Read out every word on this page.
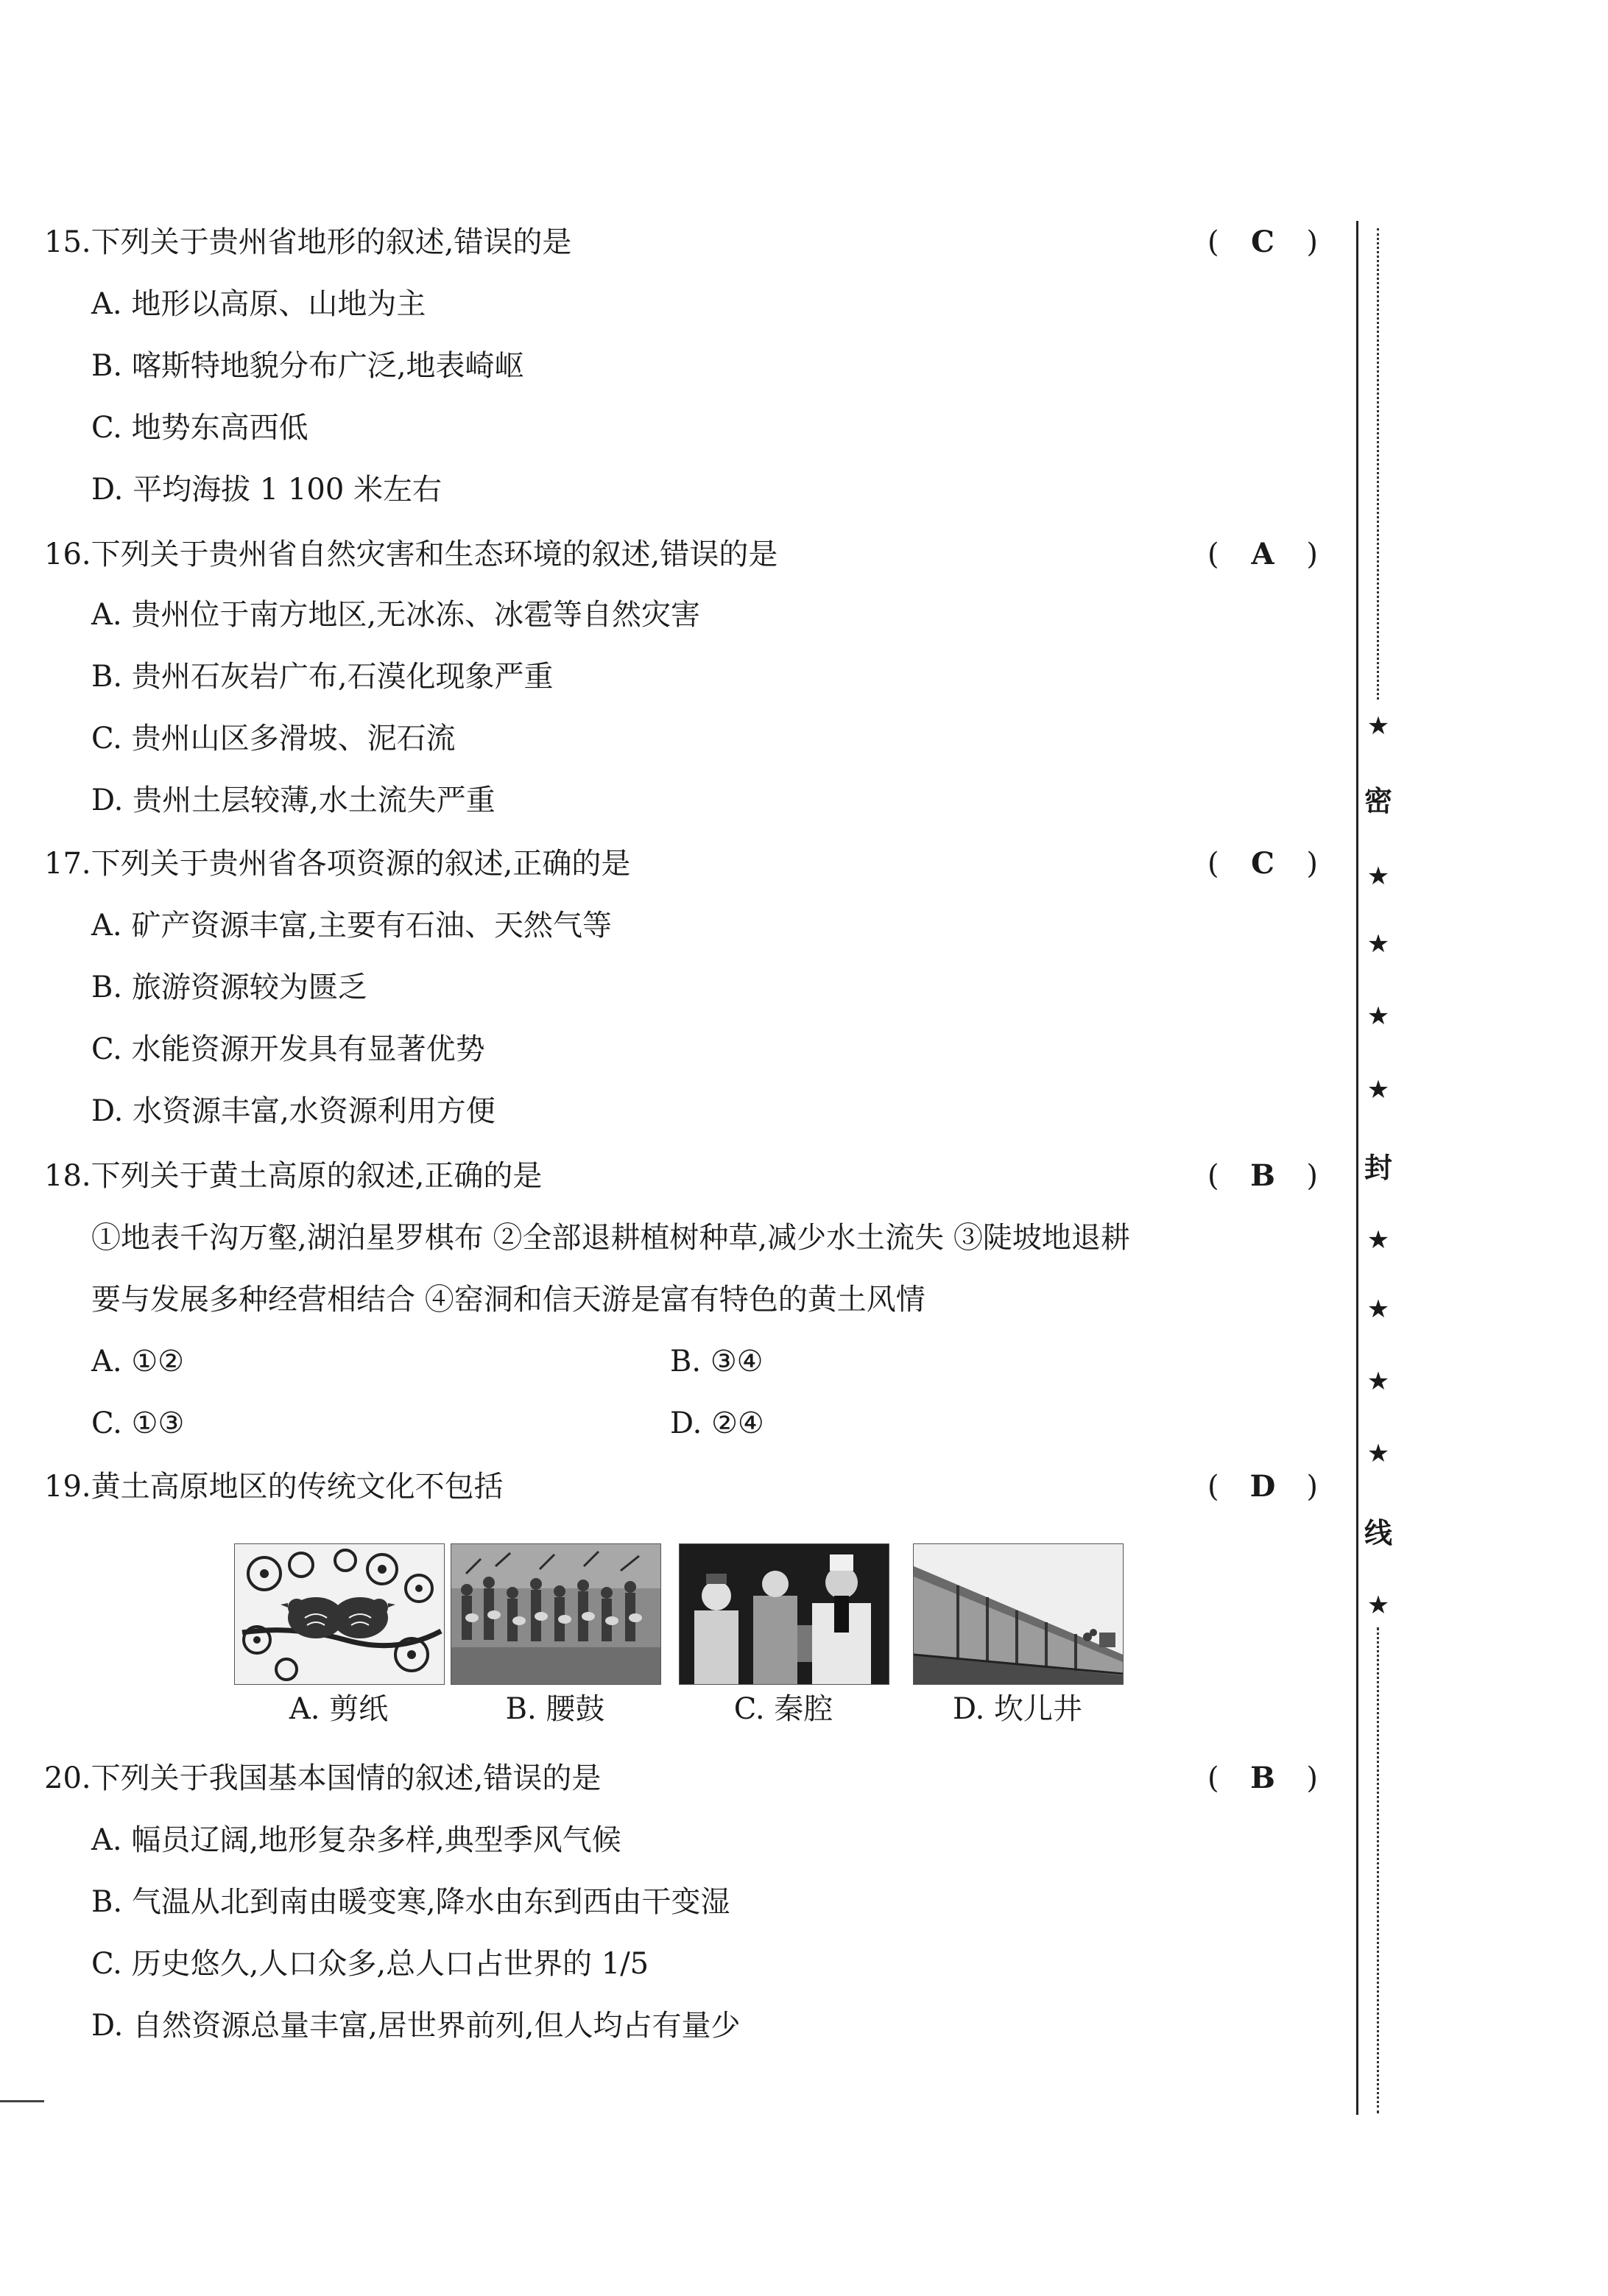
15.下列关于贵州省地形的叙述,错误的是	( C )
A. 地形以高原、山地为主
B. 喀斯特地貌分布广泛,地表崎岖
C. 地势东高西低
D. 平均海拔 1 100 米左右
16.下列关于贵州省自然灾害和生态环境的叙述,错误的是	( A )
A. 贵州位于南方地区,无冰冻、冰雹等自然灾害
B. 贵州石灰岩广布,石漠化现象严重
C. 贵州山区多滑坡、泥石流
D. 贵州土层较薄,水土流失严重
17.下列关于贵州省各项资源的叙述,正确的是	( C )
A. 矿产资源丰富,主要有石油、天然气等
B. 旅游资源较为匮乏
C. 水能资源开发具有显著优势
D. 水资源丰富,水资源利用方便
18.下列关于黄土高原的叙述,正确的是	( B )
①地表千沟万壑,湖泊星罗棋布 ②全部退耕植树种草,减少水土流失 ③陡坡地退耕
要与发展多种经营相结合 ④窑洞和信天游是富有特色的黄土风情
A. ①②	B. ③④
C. ①③	D. ②④
19.黄土高原地区的传统文化不包括	( D )
A. 剪纸	B. 腰鼓	C. 秦腔	D. 坎儿井
20.下列关于我国基本国情的叙述,错误的是	( B )
A. 幅员辽阔,地形复杂多样,典型季风气候
B. 气温从北到南由暖变寒,降水由东到西由干变湿
C. 历史悠久,人口众多,总人口占世界的 1/5
D. 自然资源总量丰富,居世界前列,但人均占有量少
★
密
★
★
★
★
封
★
★
★
★
线
★
